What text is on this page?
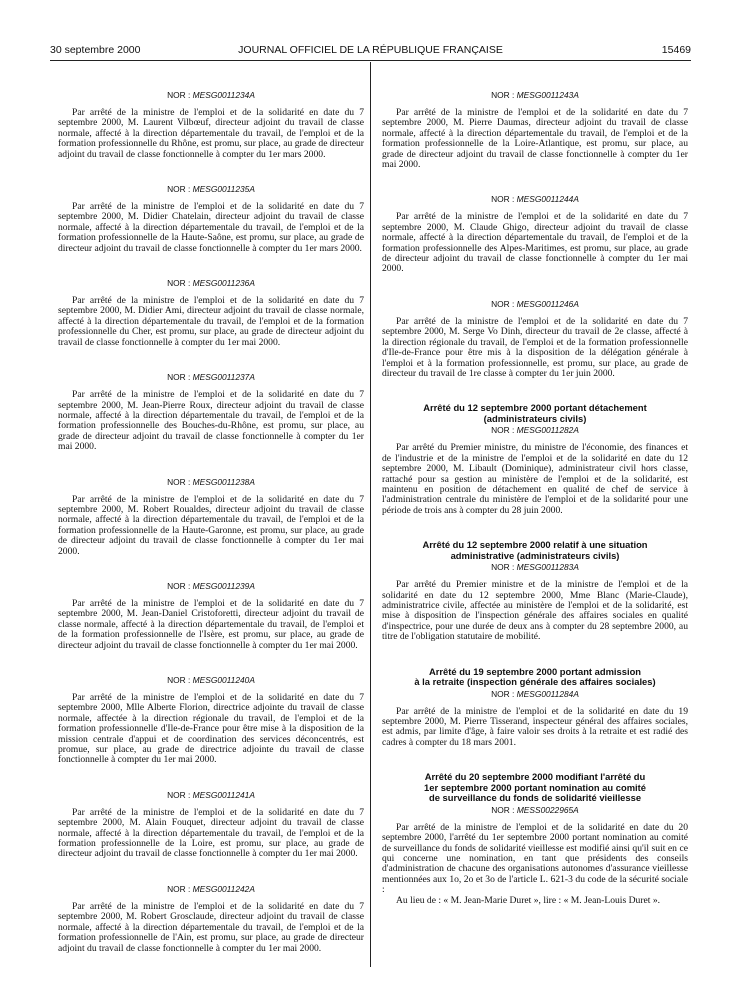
30 septembre 2000	JOURNAL OFFICIEL DE LA RÉPUBLIQUE FRANÇAISE	15469
NOR : MESG0011234A

Par arrêté de la ministre de l'emploi et de la solidarité en date du 7 septembre 2000, M. Laurent Vilbœuf, directeur adjoint du travail de classe normale, affecté à la direction départementale du travail, de l'emploi et de la formation professionnelle du Rhône, est promu, sur place, au grade de directeur adjoint du travail de classe fonctionnelle à compter du 1er mars 2000.

NOR : MESG0011235A

Par arrêté de la ministre de l'emploi et de la solidarité en date du 7 septembre 2000, M. Didier Chatelain, directeur adjoint du travail de classe normale, affecté à la direction départementale du travail, de l'emploi et de la formation professionnelle de la Haute-Saône, est promu, sur place, au grade de directeur adjoint du travail de classe fonctionnelle à compter du 1er mars 2000.

NOR : MESG0011236A

Par arrêté de la ministre de l'emploi et de la solidarité en date du 7 septembre 2000, M. Didier Ami, directeur adjoint du travail de classe normale, affecté à la direction départementale du travail, de l'emploi et de la formation professionnelle du Cher, est promu, sur place, au grade de directeur adjoint du travail de classe fonctionnelle à compter du 1er mai 2000.

NOR : MESG0011237A

Par arrêté de la ministre de l'emploi et de la solidarité en date du 7 septembre 2000, M. Jean-Pierre Roux, directeur adjoint du travail de classe normale, affecté à la direction départementale du travail, de l'emploi et de la formation professionnelle des Bouches-du-Rhône, est promu, sur place, au grade de directeur adjoint du travail de classe fonctionnelle à compter du 1er mai 2000.

NOR : MESG0011238A

Par arrêté de la ministre de l'emploi et de la solidarité en date du 7 septembre 2000, M. Robert Roualdes, directeur adjoint du travail de classe normale, affecté à la direction départementale du travail, de l'emploi et de la formation professionnelle de la Haute-Garonne, est promu, sur place, au grade de directeur adjoint du travail de classe fonctionnelle à compter du 1er mai 2000.

NOR : MESG0011239A

Par arrêté de la ministre de l'emploi et de la solidarité en date du 7 septembre 2000, M. Jean-Daniel Cristoforetti, directeur adjoint du travail de classe normale, affecté à la direction départementale du travail, de l'emploi et de la formation professionnelle de l'Isère, est promu, sur place, au grade de directeur adjoint du travail de classe fonctionnelle à compter du 1er mai 2000.

NOR : MESG0011240A

Par arrêté de la ministre de l'emploi et de la solidarité en date du 7 septembre 2000, Mlle Alberte Florion, directrice adjointe du travail de classe normale, affectée à la direction régionale du travail, de l'emploi et de la formation professionnelle d'Ile-de-France pour être mise à la disposition de la mission centrale d'appui et de coordination des services déconcentrés, est promue, sur place, au grade de directrice adjointe du travail de classe fonctionnelle à compter du 1er mai 2000.

NOR : MESG0011241A

Par arrêté de la ministre de l'emploi et de la solidarité en date du 7 septembre 2000, M. Alain Fouquet, directeur adjoint du travail de classe normale, affecté à la direction départementale du travail, de l'emploi et de la formation professionnelle de la Loire, est promu, sur place, au grade de directeur adjoint du travail de classe fonctionnelle à compter du 1er mai 2000.

NOR : MESG0011242A

Par arrêté de la ministre de l'emploi et de la solidarité en date du 7 septembre 2000, M. Robert Grosclaude, directeur adjoint du travail de classe normale, affecté à la direction départementale du travail, de l'emploi et de la formation professionnelle de l'Ain, est promu, sur place, au grade de directeur adjoint du travail de classe fonctionnelle à compter du 1er mai 2000.

NOR : MESG0011243A

Par arrêté de la ministre de l'emploi et de la solidarité en date du 7 septembre 2000, M. Pierre Daumas, directeur adjoint du travail de classe normale, affecté à la direction départementale du travail, de l'emploi et de la formation professionnelle de la Loire-Atlantique, est promu, sur place, au grade de directeur adjoint du travail de classe fonctionnelle à compter du 1er mai 2000.

NOR : MESG0011244A

Par arrêté de la ministre de l'emploi et de la solidarité en date du 7 septembre 2000, M. Claude Ghigo, directeur adjoint du travail de classe normale, affecté à la direction départementale du travail, de l'emploi et de la formation professionnelle des Alpes-Maritimes, est promu, sur place, au grade de directeur adjoint du travail de classe fonctionnelle à compter du 1er mai 2000.

NOR : MESG0011246A

Par arrêté de la ministre de l'emploi et de la solidarité en date du 7 septembre 2000, M. Serge Vo Dinh, directeur du travail de 2e classe, affecté à la direction régionale du travail, de l'emploi et de la formation professionnelle d'Ile-de-France pour être mis à la disposition de la délégation générale à l'emploi et à la formation professionnelle, est promu, sur place, au grade de directeur du travail de 1re classe à compter du 1er juin 2000.

Arrêté du 12 septembre 2000 portant détachement
(administrateurs civils)
NOR : MESG0011282A

Par arrêté du Premier ministre, du ministre de l'économie, des finances et de l'industrie et de la ministre de l'emploi et de la solidarité en date du 12 septembre 2000, M. Libault (Dominique), administrateur civil hors classe, rattaché pour sa gestion au ministère de l'emploi et de la solidarité, est maintenu en position de détachement en qualité de chef de service à l'administration centrale du ministère de l'emploi et de la solidarité pour une période de trois ans à compter du 28 juin 2000.

Arrêté du 12 septembre 2000 relatif à une situation
administrative (administrateurs civils)
NOR : MESG0011283A

Par arrêté du Premier ministre et de la ministre de l'emploi et de la solidarité en date du 12 septembre 2000, Mme Blanc (Marie-Claude), administratrice civile, affectée au ministère de l'emploi et de la solidarité, est mise à disposition de l'inspection générale des affaires sociales en qualité d'inspectrice, pour une durée de deux ans à compter du 28 septembre 2000, au titre de l'obligation statutaire de mobilité.

Arrêté du 19 septembre 2000 portant admission
à la retraite (inspection générale des affaires sociales)
NOR : MESG0011284A

Par arrêté de la ministre de l'emploi et de la solidarité en date du 19 septembre 2000, M. Pierre Tisserand, inspecteur général des affaires sociales, est admis, par limite d'âge, à faire valoir ses droits à la retraite et est radié des cadres à compter du 18 mars 2001.

Arrêté du 20 septembre 2000 modifiant l'arrêté du
1er septembre 2000 portant nomination au comité
de surveillance du fonds de solidarité vieillesse
NOR : MESS0022965A

Par arrêté de la ministre de l'emploi et de la solidarité en date du 20 septembre 2000, l'arrêté du 1er septembre 2000 portant nomination au comité de surveillance du fonds de solidarité vieillesse est modifié ainsi qu'il suit en ce qui concerne une nomination, en tant que présidents des conseils d'administration de chacune des organisations autonomes d'assurance vieillesse mentionnées aux 1o, 2o et 3o de l'article L. 621-3 du code de la sécurité sociale :

Au lieu de : « M. Jean-Marie Duret », lire : « M. Jean-Louis Duret ».
